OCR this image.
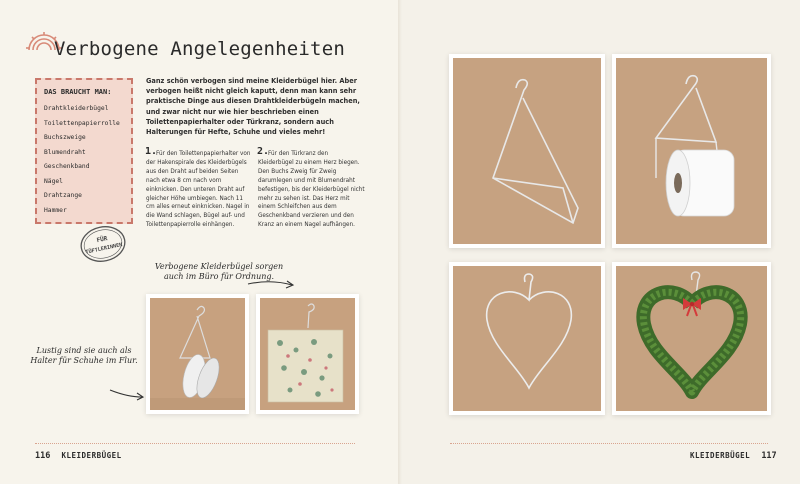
Verbogene Angelegenheiten
DAS BRAUCHT MAN:
Drahtkleiderbügel
Toilettenpapierrolle
Buchszweige
Blumendraht
Geschenkband
Nägel
Drahtzange
Hammer
FÜR
TÜFTLERINNEN
Ganz schön verbogen sind meine Kleiderbügel hier. Aber verbogen heißt nicht gleich kaputt, denn man kann sehr praktische Dinge aus diesen Drahtkleiderbügeln machen, und zwar nicht nur wie hier beschrieben einen Toilettenpapierhalter oder Türkranz, sondern auch Halterungen für Hefte, Schuhe und vieles mehr!
1.
Für den Toilettenpapierhalter von der Hakenspirale des Kleiderbügels aus den Draht auf beiden Seiten nach etwa 8 cm nach vorn einknicken. Den unteren Draht auf gleicher Höhe umbiegen. Nach 11 cm alles erneut einknicken. Nagel in die Wand schlagen, Bügel auf- und Toilettenpapierrolle einhängen.
2.
Für den Türkranz den Kleiderbügel zu einem Herz biegen. Den Buchs Zweig für Zweig darumlegen und mit Blumendraht befestigen, bis der Kleiderbügel nicht mehr zu sehen ist. Das Herz mit einem Schleifchen aus dem Geschenkband verzieren und den Kranz an einem Nagel aufhängen.
Verbogene Kleiderbügel sorgen auch im Büro für Ordnung.
Lustig sind sie auch als Halter für Schuhe im Flur.
116 KLEIDERBÜGEL	KLEIDERBÜGEL 117
